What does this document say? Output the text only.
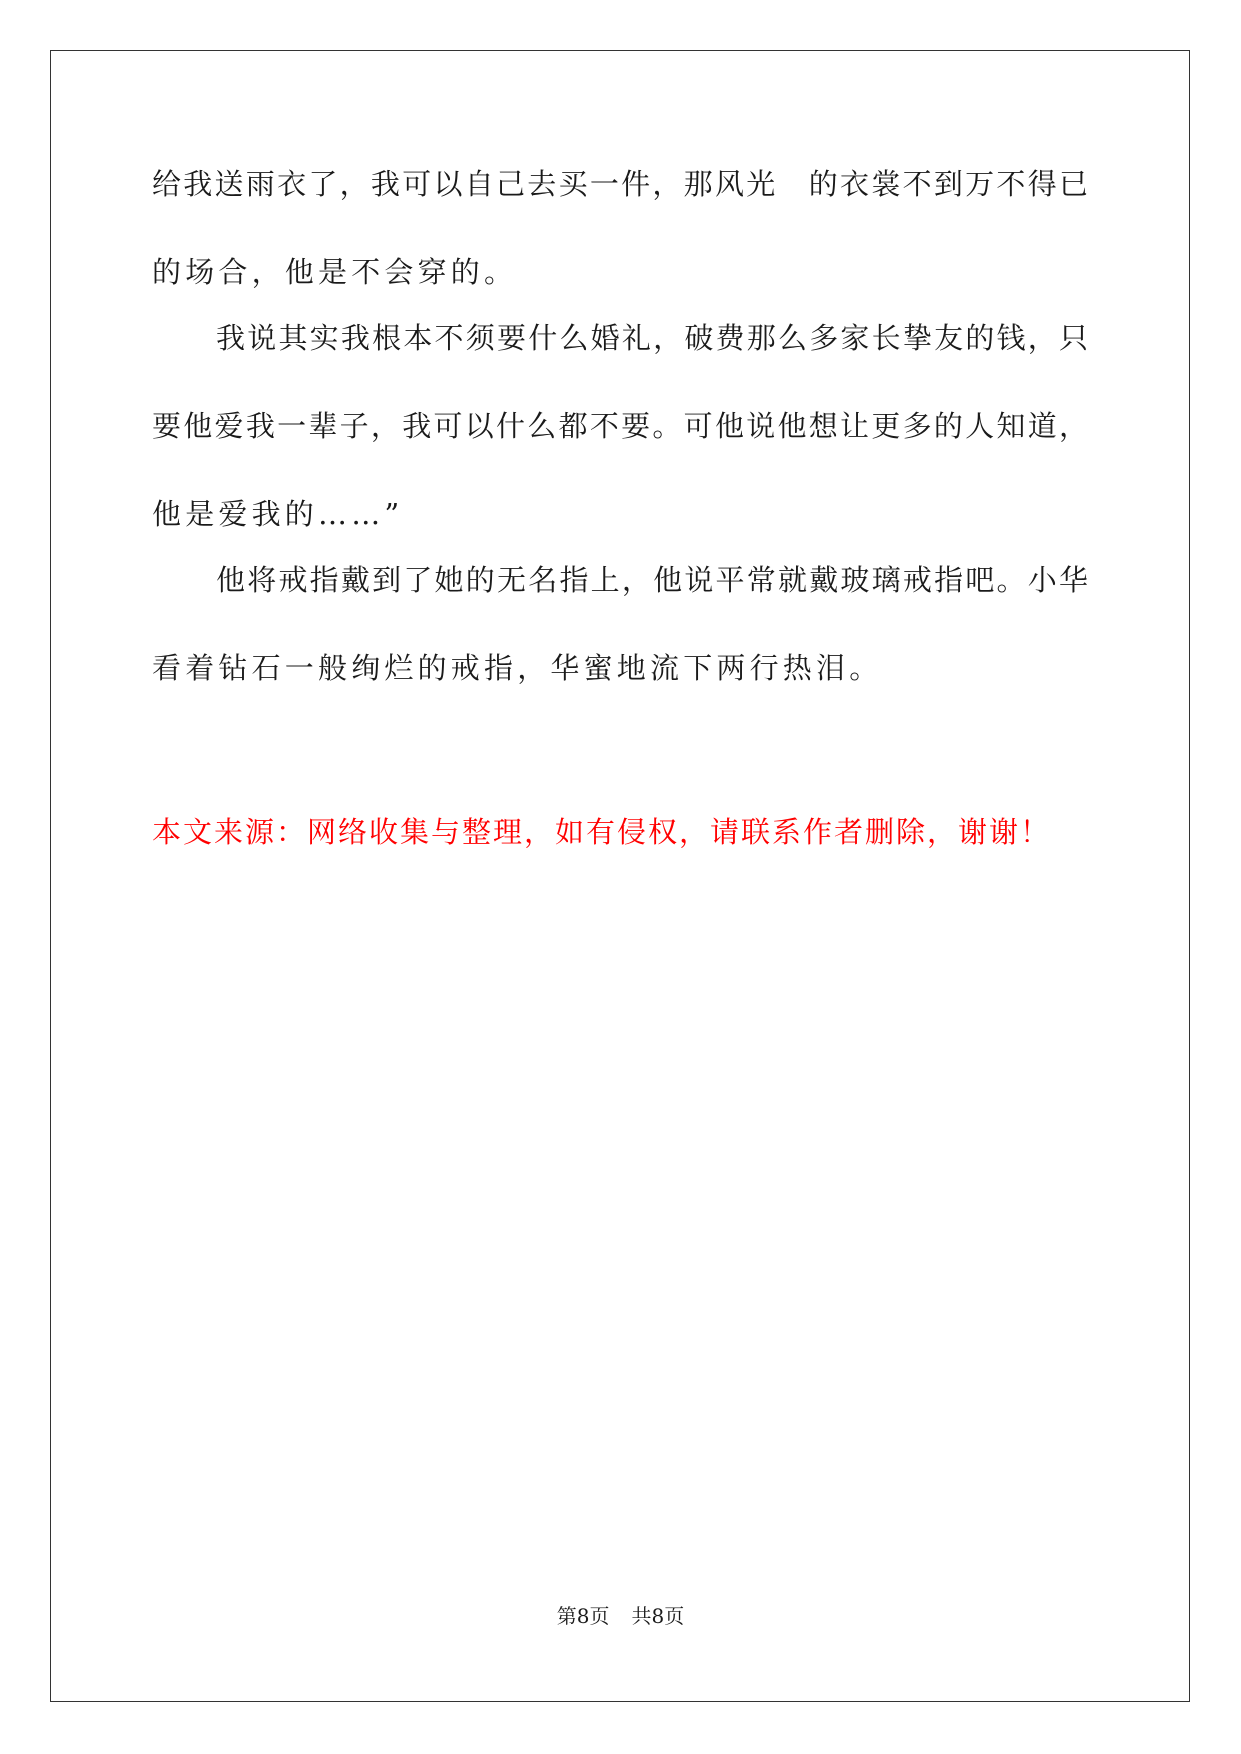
给我送雨衣了，我可以自己去买一件，那风光　的衣裳不到万不得已
的场合，他是不会穿的。
我说其实我根本不须要什么婚礼，破费那么多家长挚友的钱，只
要他爱我一辈子，我可以什么都不要。可他说他想让更多的人知道，
他是爱我的……”
他将戒指戴到了她的无名指上，他说平常就戴玻璃戒指吧。小华
看着钻石一般绚烂的戒指，华蜜地流下两行热泪。
本文来源：网络收集与整理，如有侵权，请联系作者删除，谢谢！
第8页 共8页
